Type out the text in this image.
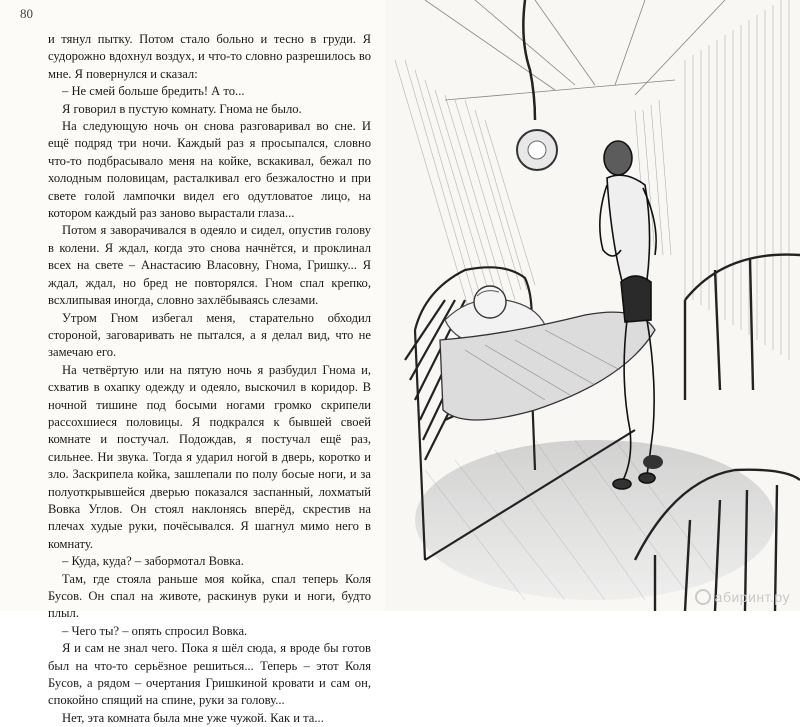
80

и тянул пытку. Потом стало больно и тесно в груди. Я судорожно вдохнул воздух, и что-то словно разрешилось во мне. Я повернулся и сказал:

– Не смей больше бредить! А то...

Я говорил в пустую комнату. Гнома не было.

На следующую ночь он снова разговаривал во сне. И ещё подряд три ночи. Каждый раз я просыпался, словно что-то подбрасывало меня на койке, вскакивал, бежал по холодным половицам, расталкивал его безжалостно и при свете голой лампочки видел его одутловатое лицо, на котором каждый раз заново вырастали глаза...

Потом я заворачивался в одеяло и сидел, опустив голову в колени. Я ждал, когда это снова начнётся, и проклинал всех на свете – Анастасию Власовну, Гнома, Гришку... Я ждал, ждал, но бред не повторялся. Гном спал крепко, всхлипывая иногда, словно захлёбываясь слезами.

Утром Гном избегал меня, старательно обходил стороной, заговаривать не пытался, а я делал вид, что не замечаю его.

На четвёртую или на пятую ночь я разбудил Гнома и, схватив в охапку одежду и одеяло, выскочил в коридор. В ночной тишине под босыми ногами громко скрипели рассохшиеся половицы. Я подкрался к бывшей своей комнате и постучал. Подождав, я постучал ещё раз, сильнее. Ни звука. Тогда я ударил ногой в дверь, коротко и зло. Заскрипела койка, зашлепали по полу босые ноги, и за полуоткрывшейся дверью показался заспанный, лохматый Вовка Углов. Он стоял наклонясь вперёд, скрестив на плечах худые руки, почёсывался. Я шагнул мимо него в комнату.

– Куда, куда? – забормотал Вовка.

Там, где стояла раньше моя койка, спал теперь Коля Бусов. Он спал на животе, раскинув руки и ноги, будто плыл.

– Чего ты? – опять спросил Вовка.

Я и сам не знал чего. Пока я шёл сюда, я вроде бы готов был на что-то серьёзное решиться... Теперь – этот Коля Бусов, а рядом – очертания Гришкиной кровати и сам он, спокойно спящий на спине, руки за голову...

Нет, эта комната была мне уже чужой. Как и та...

абиринт.ру
